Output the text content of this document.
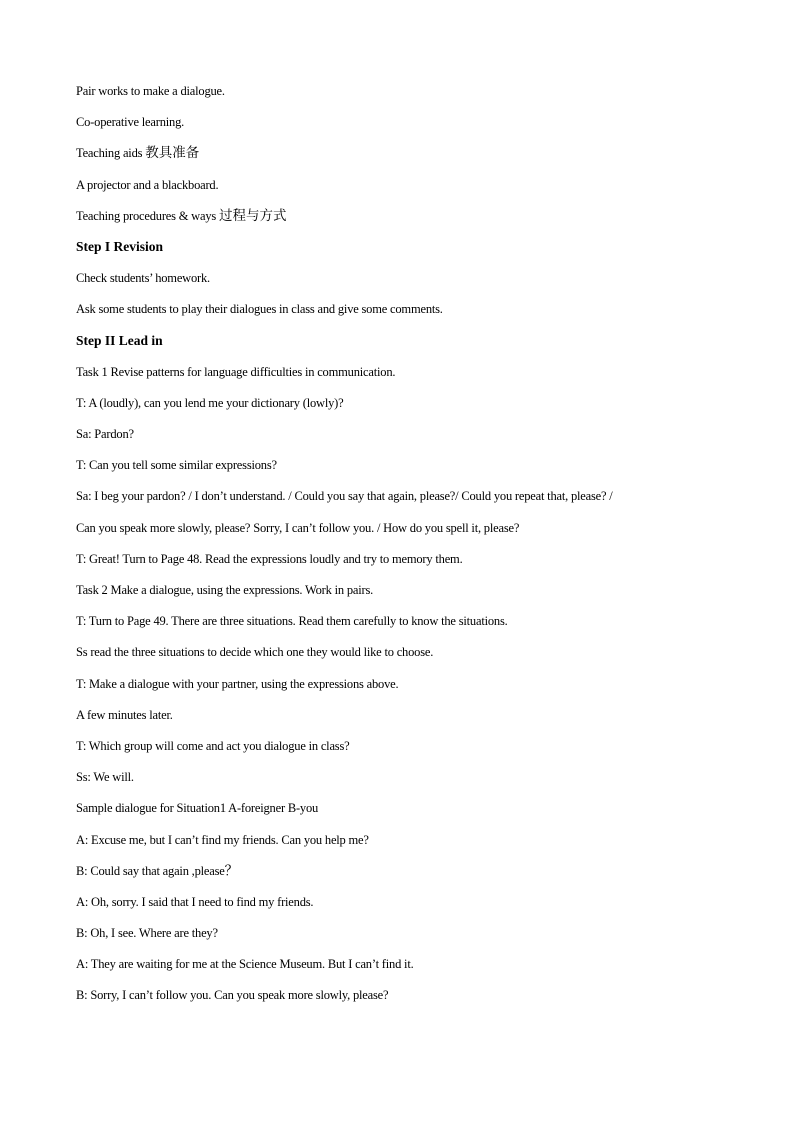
Pair works to make a dialogue.
Co-operative learning.
Teaching aids 教具准备
A projector and a blackboard.
Teaching procedures & ways 过程与方式
Step I Revision
Check students’ homework.
Ask some students to play their dialogues in class and give some comments.
Step II Lead in
Task 1 Revise patterns for language difficulties in communication.
T: A (loudly), can you lend me your dictionary (lowly)?
Sa: Pardon?
T: Can you tell some similar expressions?
Sa: I beg your pardon? / I don’t understand. / Could you say that again, please?/ Could you repeat that, please? /
Can you speak more slowly, please? Sorry, I can’t follow you. / How do you spell it, please?
T: Great! Turn to Page 48. Read the expressions loudly and try to memory them.
Task 2 Make a dialogue, using the expressions. Work in pairs.
T: Turn to Page 49. There are three situations. Read them carefully to know the situations.
Ss read the three situations to decide which one they would like to choose.
T: Make a dialogue with your partner, using the expressions above.
A few minutes later.
T: Which group will come and act you dialogue in class?
Ss: We will.
Sample dialogue for Situation1 A-foreigner B-you
A: Excuse me, but I can’t find my friends. Can you help me?
B: Could say that again ,please？
A: Oh, sorry. I said that I need to find my friends.
B: Oh, I see. Where are they?
A: They are waiting for me at the Science Museum. But I can’t find it.
B: Sorry, I can’t follow you. Can you speak more slowly, please?
